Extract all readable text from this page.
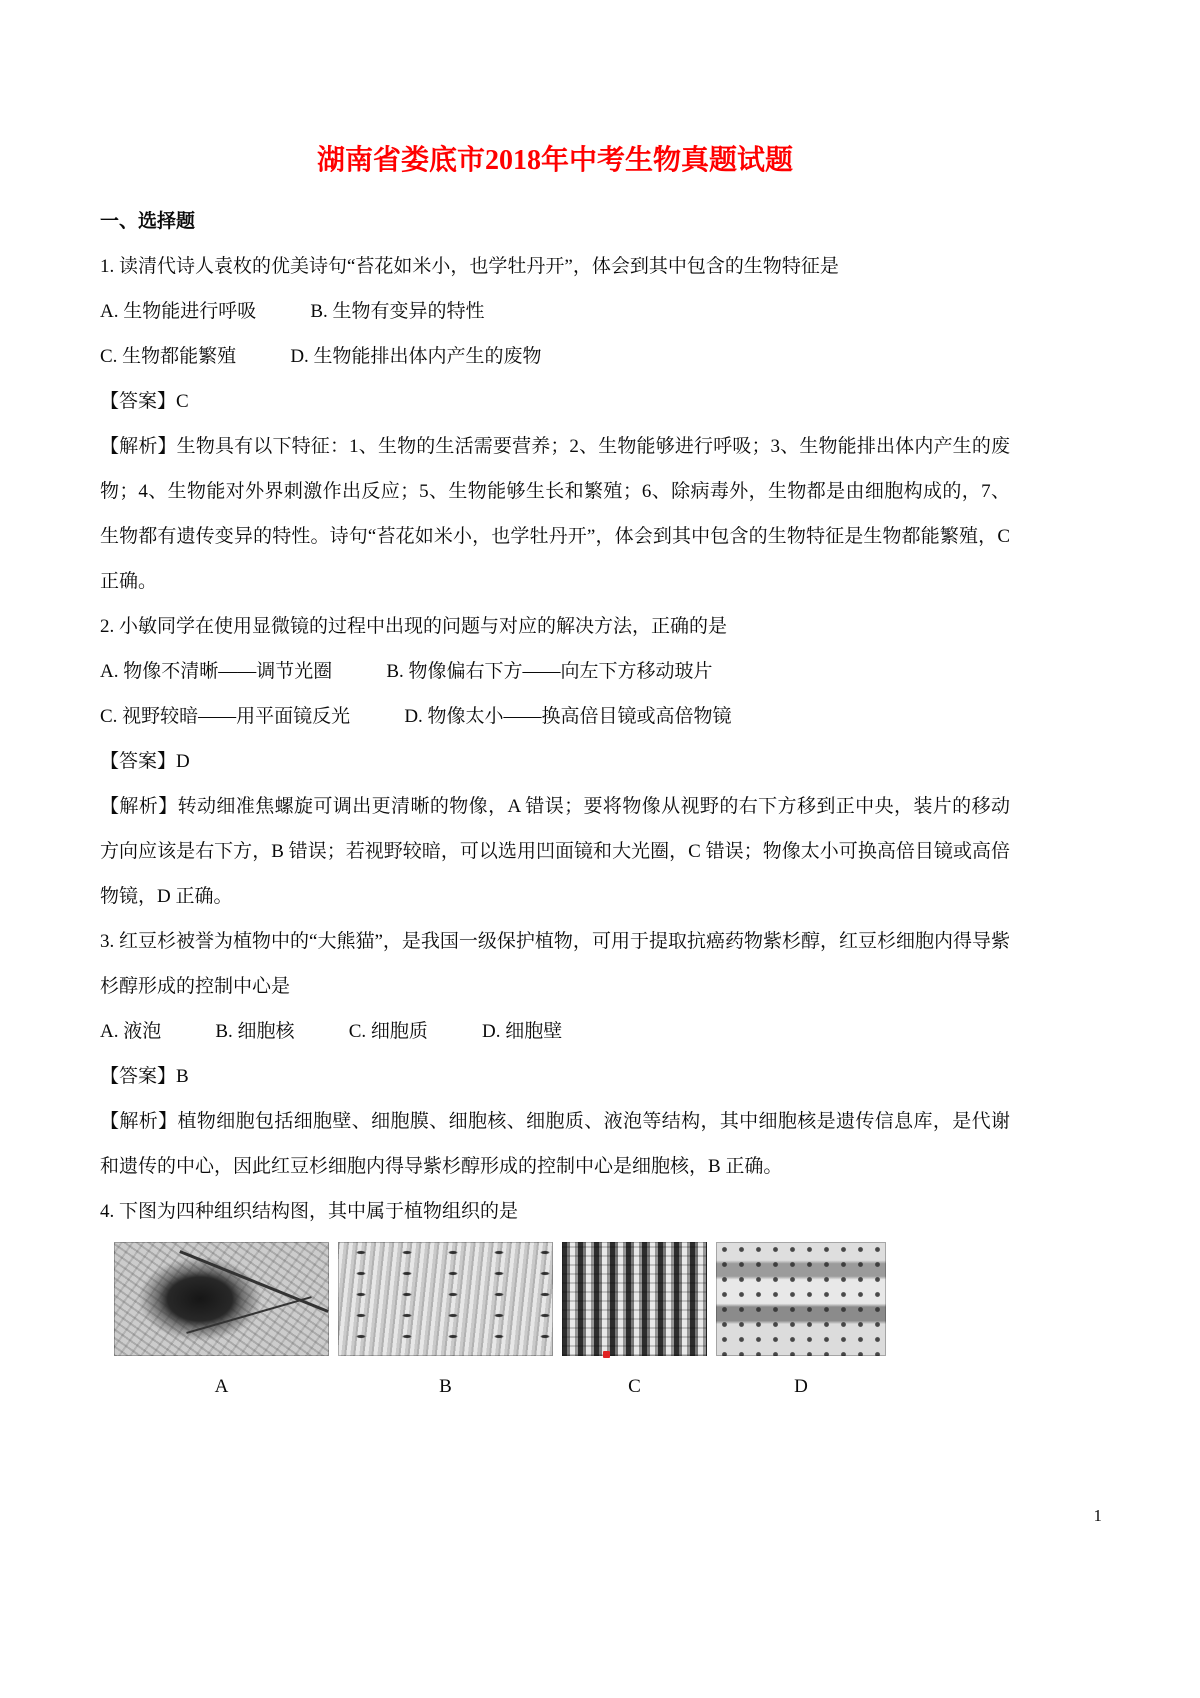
湖南省娄底市2018年中考生物真题试题
一、选择题
1. 读清代诗人袁枚的优美诗句“苔花如米小，也学牡丹开”，体会到其中包含的生物特征是
A. 生物能进行呼吸	B. 生物有变异的特性
C. 生物都能繁殖	D. 生物能排出体内产生的废物
【答案】C
【解析】生物具有以下特征：1、生物的生活需要营养；2、生物能够进行呼吸；3、生物能排出体内产生的废物；4、生物能对外界刺激作出反应；5、生物能够生长和繁殖；6、除病毒外，生物都是由细胞构成的，7、生物都有遗传变异的特性。诗句“苔花如米小，也学牡丹开”，体会到其中包含的生物特征是生物都能繁殖，C 正确。
2. 小敏同学在使用显微镜的过程中出现的问题与对应的解决方法，正确的是
A. 物像不清晰——调节光圈	B. 物像偏右下方——向左下方移动玻片
C. 视野较暗——用平面镜反光	D. 物像太小——换高倍目镜或高倍物镜
【答案】D
【解析】转动细准焦螺旋可调出更清晰的物像，A 错误；要将物像从视野的右下方移到正中央，装片的移动方向应该是右下方，B 错误；若视野较暗，可以选用凹面镜和大光圈，C 错误；物像太小可换高倍目镜或高倍物镜，D 正确。
3. 红豆杉被誉为植物中的“大熊猫”，是我国一级保护植物，可用于提取抗癌药物紫杉醇，红豆杉细胞内得导紫杉醇形成的控制中心是
A. 液泡	B. 细胞核	C. 细胞质	D. 细胞壁
【答案】B
【解析】植物细胞包括细胞壁、细胞膜、细胞核、细胞质、液泡等结构，其中细胞核是遗传信息库，是代谢和遗传的中心，因此红豆杉细胞内得导紫杉醇形成的控制中心是细胞核，B 正确。
4. 下图为四种组织结构图，其中属于植物组织的是
A	B	C	D
1
